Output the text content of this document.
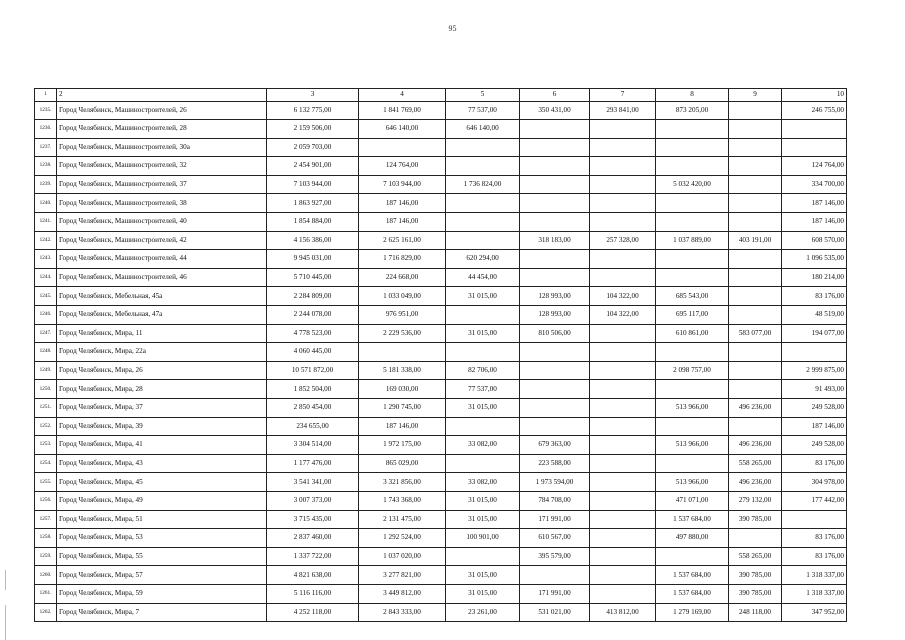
95
1	2	3	4	5	6	7	8	9	10
1235.	Город Челябинск, Машиностроителей, 26	6 132 775,00	1 841 769,00	77 537,00	350 431,00	293 841,00	873 205,00		246 755,00
1236.	Город Челябинск, Машиностроителей, 28	2 159 506,00	646 140,00	646 140,00					
1237.	Город Челябинск, Машиностроителей, 30а	2 059 703,00							
1238.	Город Челябинск, Машиностроителей, 32	2 454 901,00	124 764,00						124 764,00
1239.	Город Челябинск, Машиностроителей, 37	7 103 944,00	7 103 944,00	1 736 824,00			5 032 420,00		334 700,00
1240.	Город Челябинск, Машиностроителей, 38	1 863 927,00	187 146,00						187 146,00
1241.	Город Челябинск, Машиностроителей, 40	1 854 884,00	187 146,00						187 146,00
1242.	Город Челябинск, Машиностроителей, 42	4 156 386,00	2 625 161,00		318 183,00	257 328,00	1 037 889,00	403 191,00	608 570,00
1243.	Город Челябинск, Машиностроителей, 44	9 945 031,00	1 716 829,00	620 294,00					1 096 535,00
1244.	Город Челябинск, Машиностроителей, 46	5 710 445,00	224 668,00	44 454,00					180 214,00
1245.	Город Челябинск, Мебельная, 45а	2 284 809,00	1 033 049,00	31 015,00	128 993,00	104 322,00	685 543,00		83 176,00
1246.	Город Челябинск, Мебельная, 47а	2 244 078,00	976 951,00		128 993,00	104 322,00	695 117,00		48 519,00
1247.	Город Челябинск, Мира, 11	4 778 523,00	2 229 536,00	31 015,00	810 506,00		610 861,00	583 077,00	194 077,00
1248.	Город Челябинск, Мира, 22а	4 060 445,00							
1249.	Город Челябинск, Мира, 26	10 571 872,00	5 181 338,00	82 706,00			2 098 757,00		2 999 875,00
1250.	Город Челябинск, Мира, 28	1 852 504,00	169 030,00	77 537,00					91 493,00
1251.	Город Челябинск, Мира, 37	2 850 454,00	1 290 745,00	31 015,00			513 966,00	496 236,00	249 528,00
1252.	Город Челябинск, Мира, 39	234 655,00	187 146,00						187 146,00
1253.	Город Челябинск, Мира, 41	3 304 514,00	1 972 175,00	33 082,00	679 363,00		513 966,00	496 236,00	249 528,00
1254.	Город Челябинск, Мира, 43	1 177 476,00	865 029,00		223 588,00			558 265,00	83 176,00
1255.	Город Челябинск, Мира, 45	3 541 341,00	3 321 856,00	33 082,00	1 973 594,00		513 966,00	496 236,00	304 978,00
1256.	Город Челябинск, Мира, 49	3 007 373,00	1 743 368,00	31 015,00	784 708,00		471 071,00	279 132,00	177 442,00
1257.	Город Челябинск, Мира, 51	3 715 435,00	2 131 475,00	31 015,00	171 991,00		1 537 684,00	390 785,00	
1258.	Город Челябинск, Мира, 53	2 837 460,00	1 292 524,00	100 901,00	610 567,00		497 880,00		83 176,00
1259.	Город Челябинск, Мира, 55	1 337 722,00	1 037 020,00		395 579,00			558 265,00	83 176,00
1260.	Город Челябинск, Мира, 57	4 821 638,00	3 277 821,00	31 015,00			1 537 684,00	390 785,00	1 318 337,00
1261.	Город Челябинск, Мира, 59	5 116 116,00	3 449 812,00	31 015,00	171 991,00		1 537 684,00	390 785,00	1 318 337,00
1262.	Город Челябинск, Мира, 7	4 252 118,00	2 843 333,00	23 261,00	531 021,00	413 812,00	1 279 169,00	248 118,00	347 952,00
